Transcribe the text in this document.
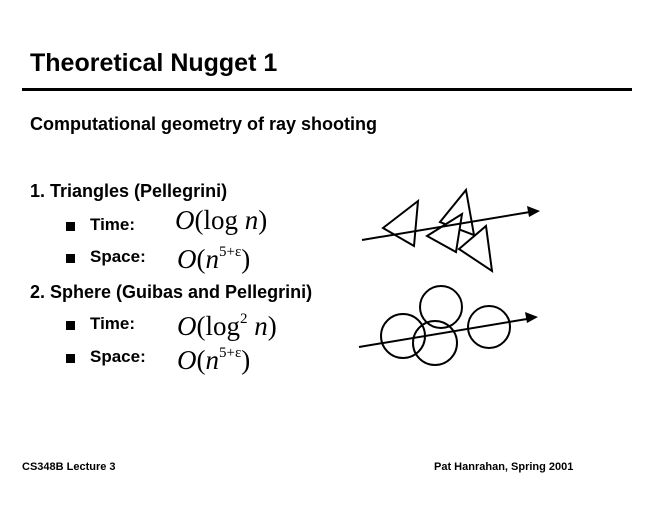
Theoretical Nugget 1
Computational geometry of ray shooting
1. Triangles (Pellegrini)
Time: O(log n)
Space: $O(n^{5+\varepsilon})$
2. Sphere (Guibas and Pellegrini)
Time: $O(\log^2$ n)
Space: $O(n^{5+\varepsilon})$
CS348B Lecture 3	Pat Hanrahan, Spring 2001
